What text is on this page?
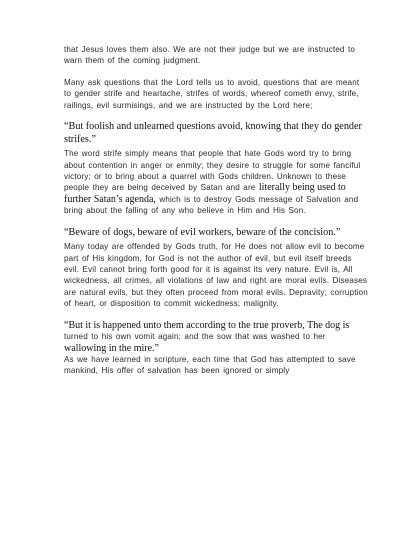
that Jesus loves them also. We are not their judge but we are instructed to warn them of the coming judgment.

Many ask questions that the Lord tells us to avoid, questions that are meant to gender strife and heartache, strifes of words, whereof cometh envy, strife, railings, evil surmisings, and we are instructed by the Lord here;

“But foolish and unlearned questions avoid, knowing that they do gender strifes.”

The word strife simply means that people that hate Gods word try to bring about contention in anger or enmity; they desire to struggle for some fanciful victory; or to bring about a quarrel with Gods children. Unknown to these people they are being deceived by Satan and are literally being used to further Satan’s agenda, which is to destroy Gods message of Salvation and bring about the falling of any who believe in Him and His Son.

“Beware of dogs, beware of evil workers, beware of the concision.”

Many today are offended by Gods truth, for He does not allow evil to become part of His kingdom, for God is not the author of evil, but evil itself breeds evil. Evil cannot bring forth good for it is against its very nature. Evil is, All wickedness, all crimes, all violations of law and right are moral evils. Diseases are natural evils, but they often proceed from moral evils. Depravity; corruption of heart, or disposition to commit wickedness; malignity.

“But it is happened unto them according to the true proverb, The dog is
turned to his own vomit again; and the sow that was washed to her
wallowing in the mire.”

As we have learned in scripture, each time that God has attempted to save mankind, His offer of salvation has been ignored or simply
